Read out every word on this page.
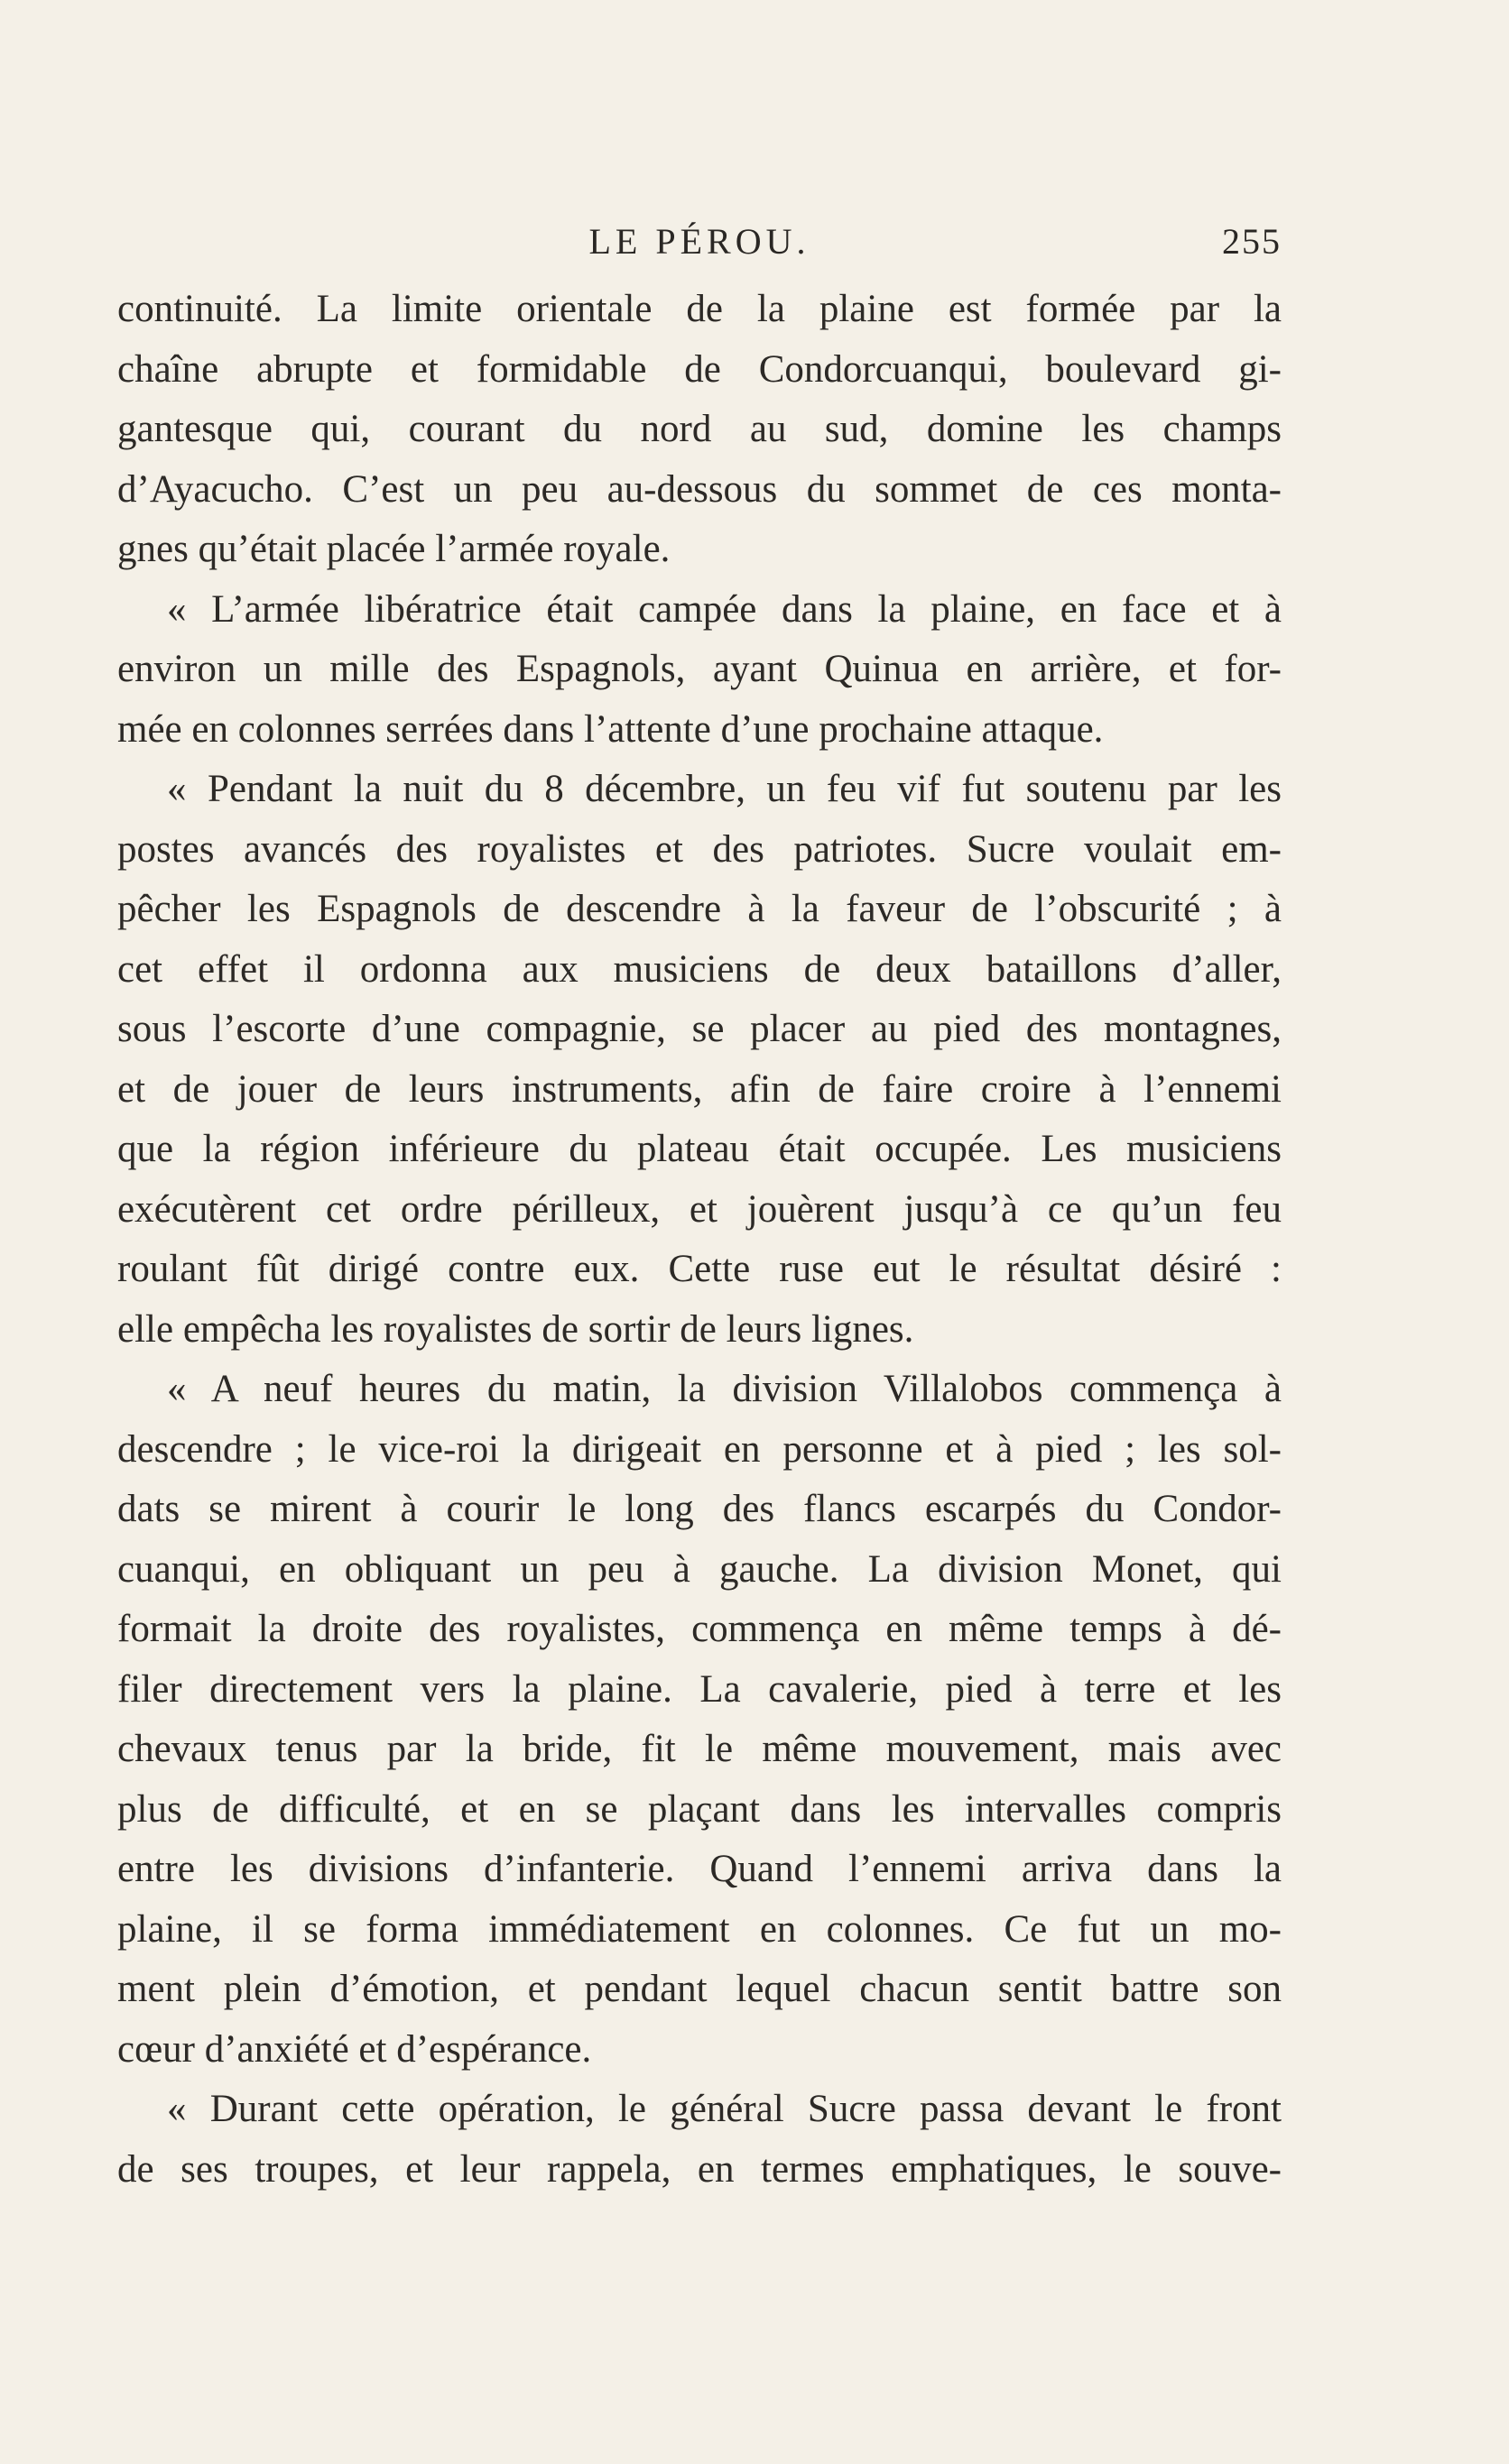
LE PÉROU.	255
continuité. La limite orientale de la plaine est formée par la
chaîne abrupte et formidable de Condorcuanqui, boulevard gi-
gantesque qui, courant du nord au sud, domine les champs
d’Ayacucho. C’est un peu au-dessous du sommet de ces monta-
gnes qu’était placée l’armée royale.
« L’armée libératrice était campée dans la plaine, en face et à
environ un mille des Espagnols, ayant Quinua en arrière, et for-
mée en colonnes serrées dans l’attente d’une prochaine attaque.
« Pendant la nuit du 8 décembre, un feu vif fut soutenu par les
postes avancés des royalistes et des patriotes. Sucre voulait em-
pêcher les Espagnols de descendre à la faveur de l’obscurité ; à
cet effet il ordonna aux musiciens de deux bataillons d’aller,
sous l’escorte d’une compagnie, se placer au pied des montagnes,
et de jouer de leurs instruments, afin de faire croire à l’ennemi
que la région inférieure du plateau était occupée. Les musiciens
exécutèrent cet ordre périlleux, et jouèrent jusqu’à ce qu’un feu
roulant fût dirigé contre eux. Cette ruse eut le résultat désiré :
elle empêcha les royalistes de sortir de leurs lignes.
« A neuf heures du matin, la division Villalobos commença à
descendre ; le vice-roi la dirigeait en personne et à pied ; les sol-
dats se mirent à courir le long des flancs escarpés du Condor-
cuanqui, en obliquant un peu à gauche. La division Monet, qui
formait la droite des royalistes, commença en même temps à dé-
filer directement vers la plaine. La cavalerie, pied à terre et les
chevaux tenus par la bride, fit le même mouvement, mais avec
plus de difficulté, et en se plaçant dans les intervalles compris
entre les divisions d’infanterie. Quand l’ennemi arriva dans la
plaine, il se forma immédiatement en colonnes. Ce fut un mo-
ment plein d’émotion, et pendant lequel chacun sentit battre son
cœur d’anxiété et d’espérance.
« Durant cette opération, le général Sucre passa devant le front
de ses troupes, et leur rappela, en termes emphatiques, le souve-
